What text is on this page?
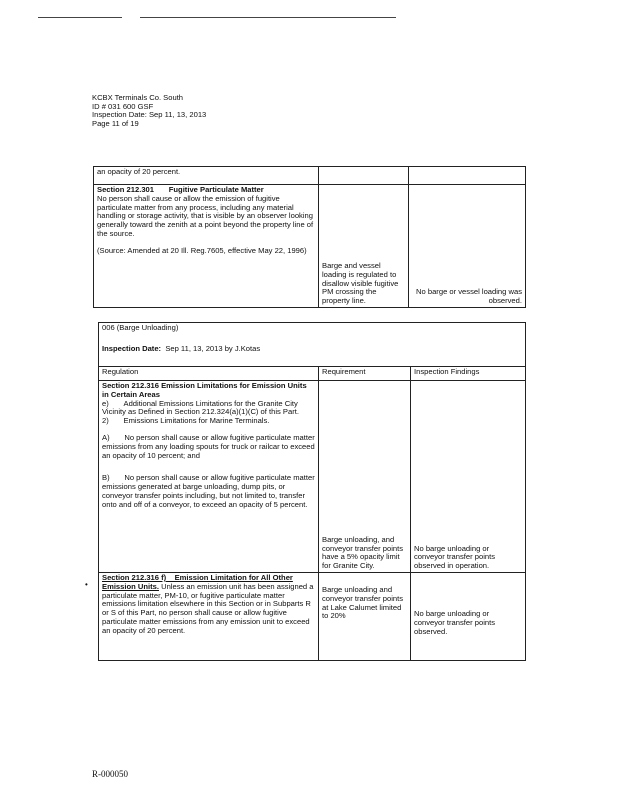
KCBX Terminals Co. South
ID # 031 600 GSF
Inspection Date: Sep 11, 13, 2013
Page 11 of 19
an opacity of 20 percent.		

Section 212.301 Fugitive Particulate Matter
No person shall cause or allow the emission of fugitive particulate matter from any process, including any material handling or storage activity, that is visible by an observer looking generally toward the zenith at a point beyond the property line of the source.
(Source: Amended at 20 Ill. Reg.7605, effective May 22, 1996)	Barge and vessel loading is regulated to disallow visible fugitive PM crossing the property line.	No barge or vessel loading was observed.
006 (Barge Unloading)
Inspection Date: Sep 11, 13, 2013 by J.Kotas		

Regulation	Requirement	Inspection Findings

Section 212.316 Emission Limitations for Emission Units in Certain Areas
e)       Additional Emissions Limitations for the Granite City Vicinity as Defined in Section 212.324(a)(1)(C) of this Part.
2)       Emissions Limitations for Marine Terminals.
A)       No person shall cause or allow fugitive particulate matter emissions from any loading spouts for truck or railcar to exceed an opacity of 10 percent; and
B)       No person shall cause or allow fugitive particulate matter emissions generated at barge unloading, dump pits, or conveyor transfer points including, but not limited to, transfer onto and off of a conveyor, to exceed an opacity of 5 percent.	Barge unloading, and conveyor transfer points have a 5% opacity limit for Granite City.	No barge unloading or conveyor transfer points observed in operation.
Section 212.316 f)    Emission Limitation for All Other Emission Units. Unless an emission unit has been assigned a particulate matter, PM-10, or fugitive particulate matter emissions limitation elsewhere in this Section or in Subparts R or S of this Part, no person shall cause or allow fugitive particulate matter emissions from any emission unit to exceed an opacity of 20 percent.	Barge unloading and conveyor transfer points at Lake Calumet limited to 20%	No barge unloading or conveyor transfer points observed.
•
R-000050
